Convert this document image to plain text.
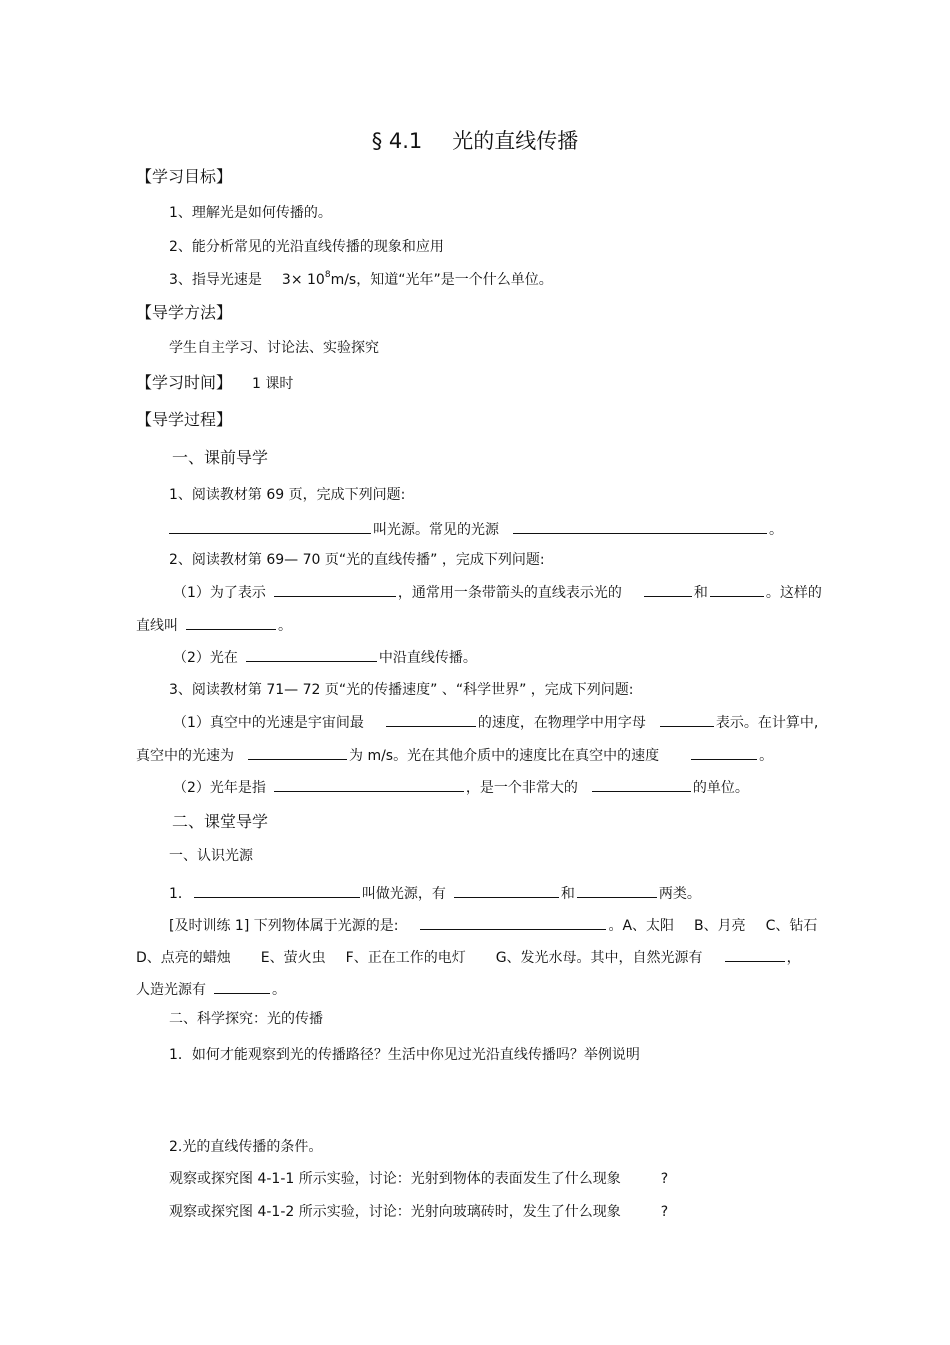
§ 4.1 光的直线传播
【学习目标】
1、理解光是如何传播的。
2、能分析常见的光沿直线传播的现象和应用
3、指导光速是 $3\times 10^8m/s$，知道“光年”是一个什么单位。
【导学方法】
学生自主学习、讨论法、实验探究
【学习时间】 1 课时
【导学过程】
一、课前导学
1、阅读教材第 69 页，完成下列问题:
叫光源。常见的光源	。
2、阅读教材第 69— 70 页“光的直线传播” ，完成下列问题:
（1）为了表示	，通常用一条带箭头的直线表示光的	和	。这样的
直线叫	。
（2）光在	中沿直线传播。
3、阅读教材第 71— 72 页“光的传播速度” 、“科学世界” ，完成下列问题:
（1）真空中的光速是宇宙间最	的速度，在物理学中用字母	表示。在计算中,
真空中的光速为	为 m/s。光在其他介质中的速度比在真空中的速度	。
（2）光年是指	，是一个非常大的	的单位。
二、课堂导学
一、认识光源
1．	叫做光源，有	和	两类。
[及时训练 1] 下列物体属于光源的是:	。A、太阳 B、月亮 C、钻石
D、点亮的蜡烛 E、萤火虫 F、正在工作的电灯 G、发光水母。其中，自然光源有	，
人造光源有	。
二、科学探究：光的传播
1．如何才能观察到光的传播路径？生活中你见过光沿直线传播吗？举例说明
2.光的直线传播的条件。
观察或探究图 4-1-1 所示实验，讨论：光射到物体的表面发生了什么现象	?
观察或探究图 4-1-2 所示实验，讨论：光射向玻璃砖时，发生了什么现象	?
